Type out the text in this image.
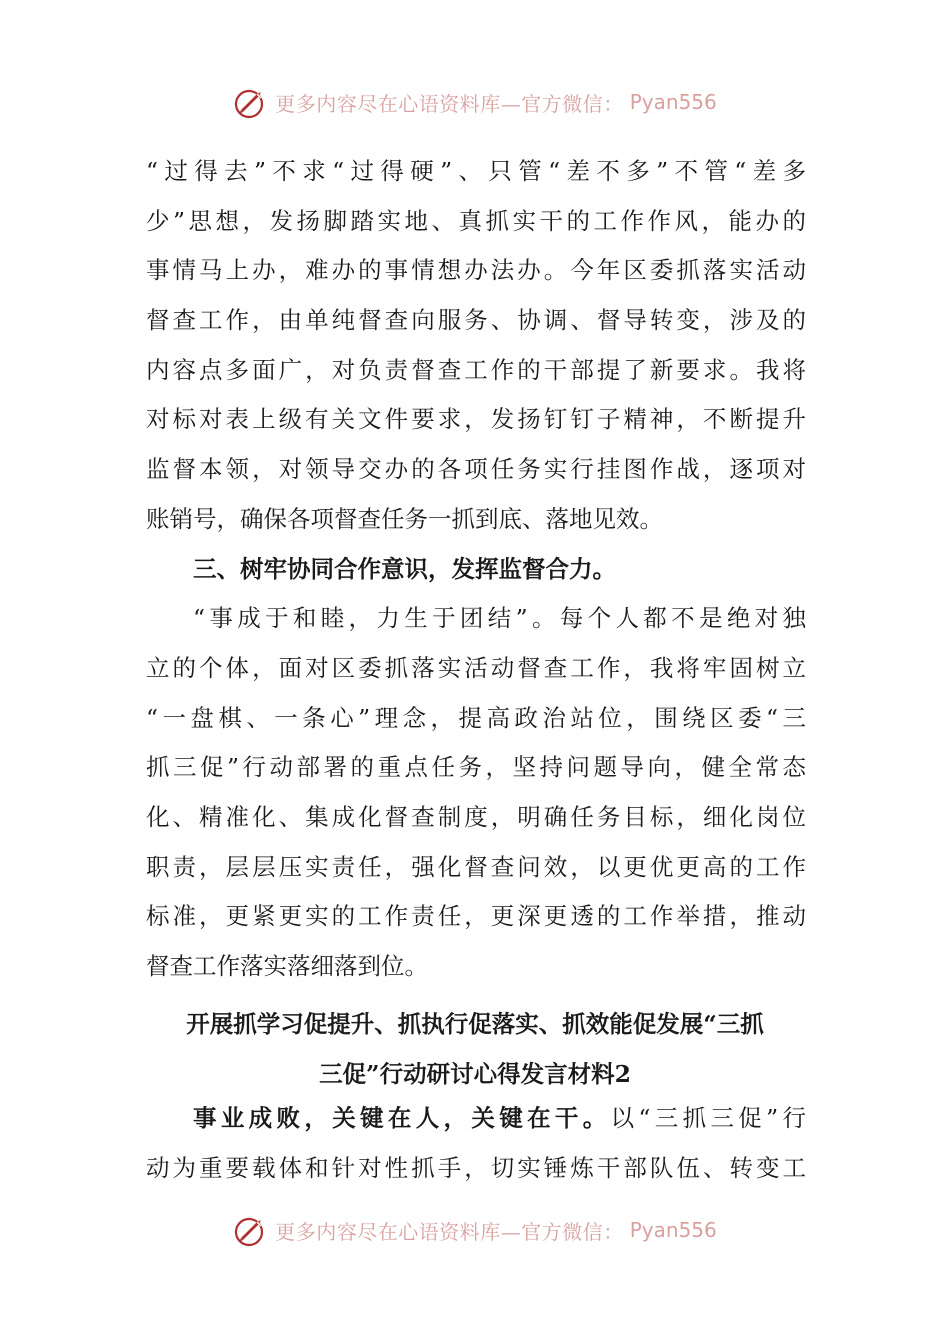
更多内容尽在心语资料库—官方微信： Pyan556
“过得去”不求“过得硬”、只管“差不多”不管“差多
少”思想，发扬脚踏实地、真抓实干的工作作风，能办的
事情马上办，难办的事情想办法办。今年区委抓落实活动
督查工作，由单纯督查向服务、协调、督导转变，涉及的
内容点多面广，对负责督查工作的干部提了新要求。我将
对标对表上级有关文件要求，发扬钉钉子精神，不断提升
监督本领，对领导交办的各项任务实行挂图作战，逐项对
账销号，确保各项督查任务一抓到底、落地见效。
三、树牢协同合作意识，发挥监督合力。
“事成于和睦，力生于团结”。每个人都不是绝对独
立的个体，面对区委抓落实活动督查工作，我将牢固树立
“一盘棋、一条心”理念，提高政治站位，围绕区委“三
抓三促”行动部署的重点任务，坚持问题导向，健全常态
化、精准化、集成化督查制度，明确任务目标，细化岗位
职责，层层压实责任，强化督查问效，以更优更高的工作
标准，更紧更实的工作责任，更深更透的工作举措，推动
督查工作落实落细落到位。
开展抓学习促提升、抓执行促落实、抓效能促发展“三抓
三促”行动研讨心得发言材料2
事业成败，关键在人，关键在干。以“三抓三促”行
动为重要载体和针对性抓手，切实锤炼干部队伍、转变工
更多内容尽在心语资料库—官方微信： Pyan556
